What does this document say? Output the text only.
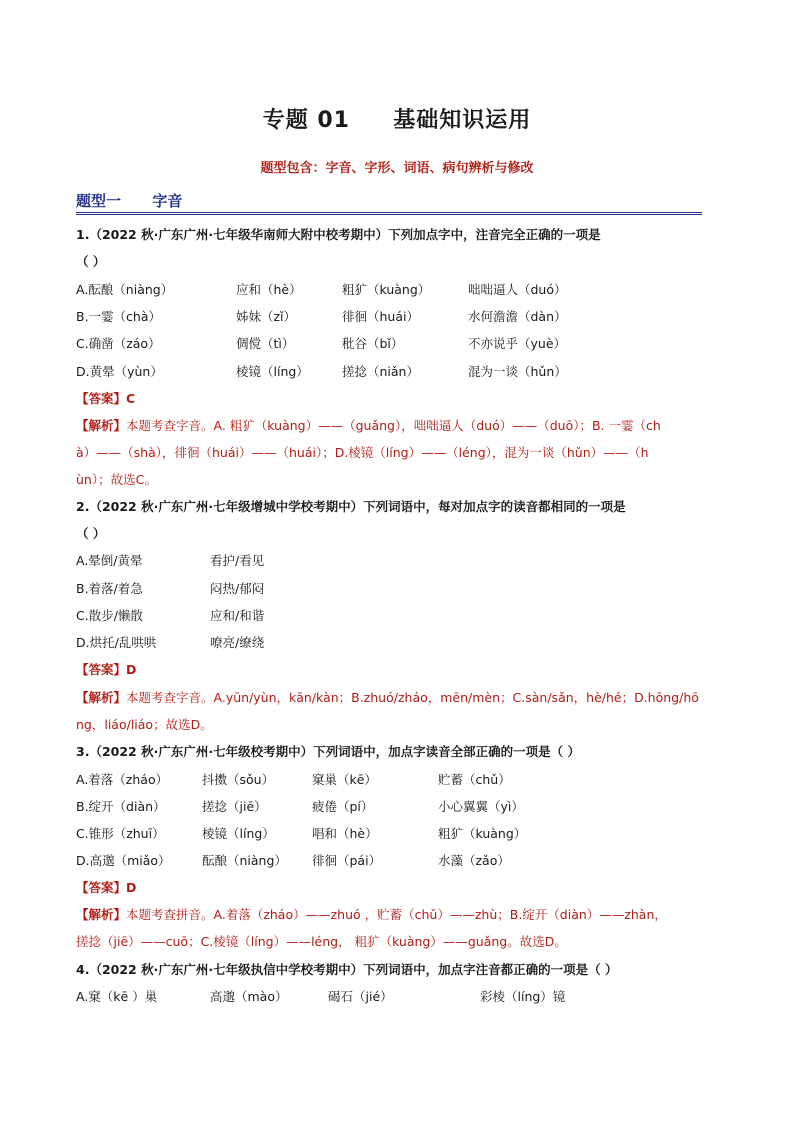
专题 01     基础知识运用
题型包含：字音、字形、词语、病句辨析与修改
题型一      字音
1.（2022 秋·广东广州·七年级华南师大附中校考期中）下列加点字中，注音完全正确的一项是
（ ）
A.酝酿（niàng）	应和（hè）	粗犷（kuàng）	咄咄逼人（duó）
B.一霎（chà）	姊妹（zǐ）	徘徊（huái）	水何澹澹（dàn）
C.确凿（záo）	倜傥（tì）	秕谷（bǐ）	不亦说乎（yuè）
D.黄晕（yùn）	棱镜（líng）	搓捻（niǎn）	混为一谈（hǔn）
【答案】C
【解析】本题考查字音。A. 粗犷（kuàng）——（guǎng），咄咄逼人（duó）——（duō）；B. 一霎（ch
à）——（shà），徘徊（huái）——（huái）；D.棱镜（líng）——（léng），混为一谈（hǔn）——（h
ùn）；故选C。
2.（2022 秋·广东广州·七年级增城中学校考期中）下列词语中，每对加点字的读音都相同的一项是
（ ）
A.晕倒/黄晕	看护/看见
B.着落/着急	闷热/郁闷
C.散步/懒散	应和/和谐
D.烘托/乱哄哄	嘹亮/缭绕
【答案】D
【解析】本题考查字音。A.yūn/yùn，kān/kàn；B.zhuó/zháo，mēn/mèn；C.sàn/sǎn，hè/hé；D.hōng/hō
ng，liáo/liáo；故选D。
3.（2022 秋·广东广州·七年级校考期中）下列词语中，加点字读音全部正确的一项是（ ）
A.着落（zháo）	抖擞（sǒu）	窠巢（kē）	贮蓄（chǔ）
B.绽开（diàn）	搓捻（jiē）	疲倦（pí）	小心翼翼（yì）
C.锥形（zhuī）	棱镜（líng）	唱和（hè）	粗犷（kuàng）
D.高邈（miǎo）	酝酿（niàng） 徘徊（pái）	水藻（zǎo）
【答案】D
【解析】本题考查拼音。A.着落（zháo）——zhuó ，贮蓄（chǔ）——zhù；B.绽开（diàn）——zhàn，
搓捻（jiē）——cuō；C.棱镜（líng）——léng， 粗犷（kuàng）——guǎng。故选D。
4.（2022 秋·广东广州·七年级执信中学校考期中）下列词语中，加点字注音都正确的一项是（ ）
A.窠（kē ）巢	高邈（mào）	碣石（jié）	彩棱（líng）镜
